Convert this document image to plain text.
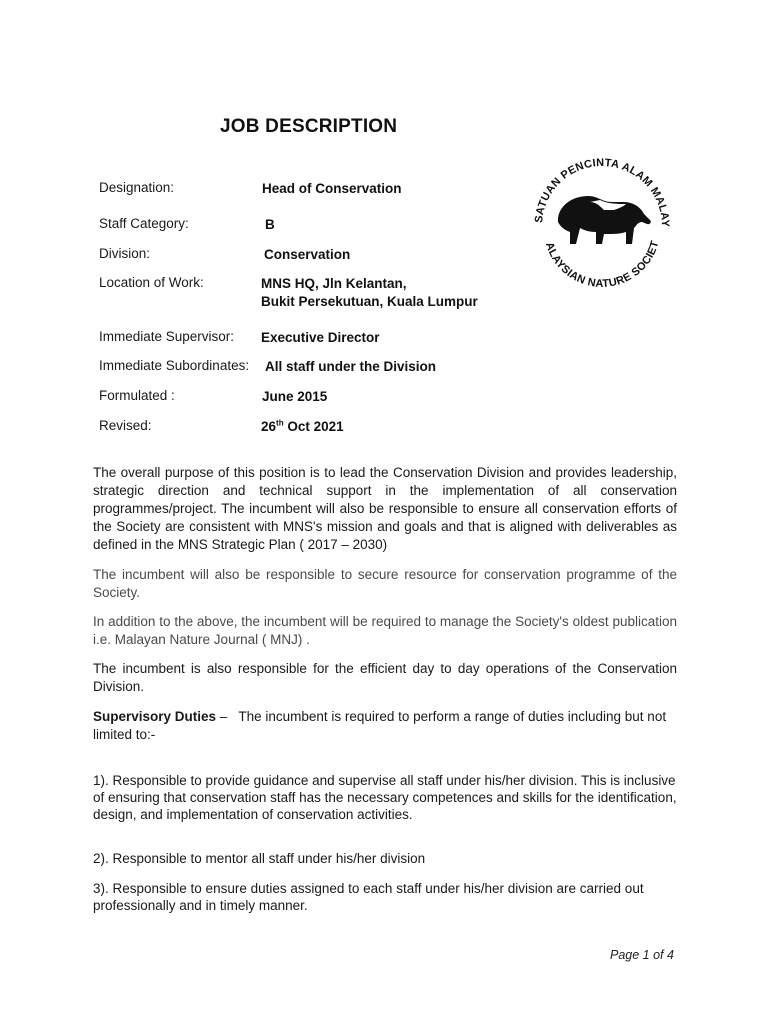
JOB DESCRIPTION
SATUAN PENCINTA ALAM MALAY
ALAYSIAN NATURE SOCIET
Designation:	Head of Conservation
Staff Category:	B
Division:	Conservation
Location of Work:	MNS HQ, Jln Kelantan,
Bukit Persekutuan, Kuala Lumpur
Immediate Supervisor: Executive Director
Immediate Subordinates: All staff under the Division
Formulated :	June 2015
Revised:	26th Oct 2021
The overall purpose of this position is to lead the Conservation Division and provides leadership, strategic direction and technical support in the implementation of all conservation programmes/project. The incumbent will also be responsible to ensure all conservation efforts of the Society are consistent with MNS's mission and goals and that is aligned with deliverables as defined in the MNS Strategic Plan ( 2017 – 2030)
The incumbent will also be responsible to secure resource for conservation programme of the Society.
In addition to the above, the incumbent will be required to manage the Society's oldest publication i.e. Malayan Nature Journal ( MNJ) .
The incumbent is also responsible for the efficient day to day operations of the Conservation Division.
Supervisory Duties –   The incumbent is required to perform a range of duties including but not limited to:-
1). Responsible to provide guidance and supervise all staff under his/her division. This is inclusive of ensuring that conservation staff has the necessary competences and skills for the identification, design, and implementation of conservation activities.
2). Responsible to mentor all staff under his/her division
3). Responsible to ensure duties assigned to each staff under his/her division are carried out professionally and in timely manner.
Page 1 of 4
